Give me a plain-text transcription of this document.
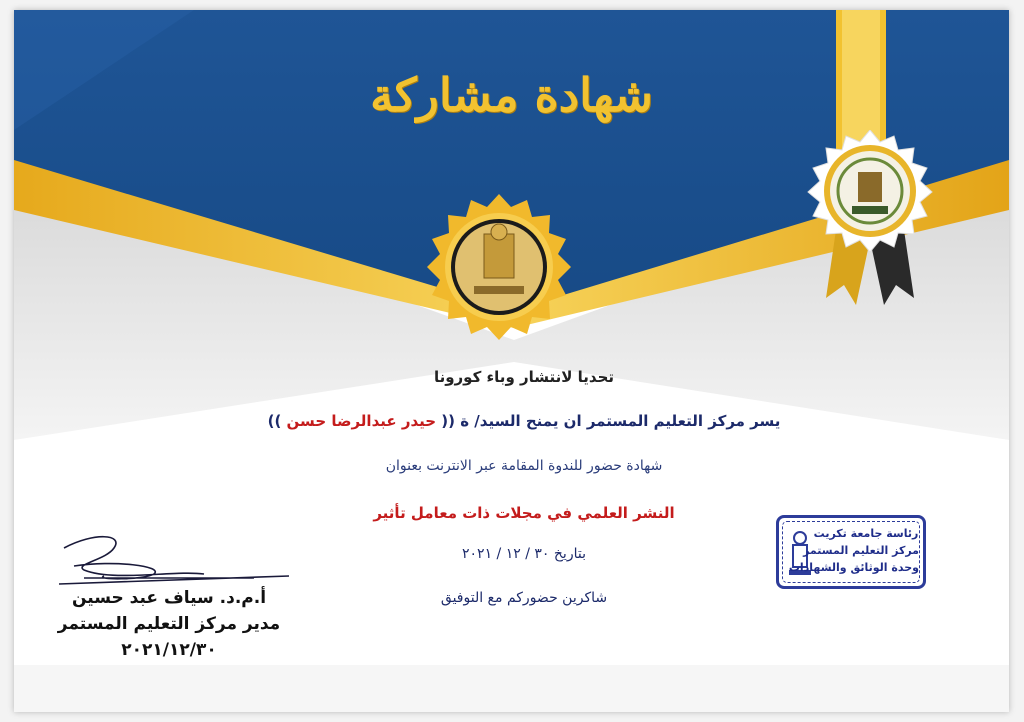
شهادة مشاركة
تحديا لانتشار وباء كورونا
يسر مركز التعليم المستمر ان يمنح السيد/ ة (( حيدر عبدالرضا حسن ))
شهادة حضور للندوة المقامة عبر الانترنت بعنوان
النشر العلمي في مجلات ذات معامل تأثير
بتاريخ ٣٠ / ١٢ / ٢٠٢١
شاكرين حضوركم مع التوفيق
أ.م.د. سياف عبد حسين
مدير مركز التعليم المستمر
٢٠٢١/١٢/٣٠
رئاسة جامعة تكريت
مركز التعليم المستمر
وحدة الوثائق والشهادات
